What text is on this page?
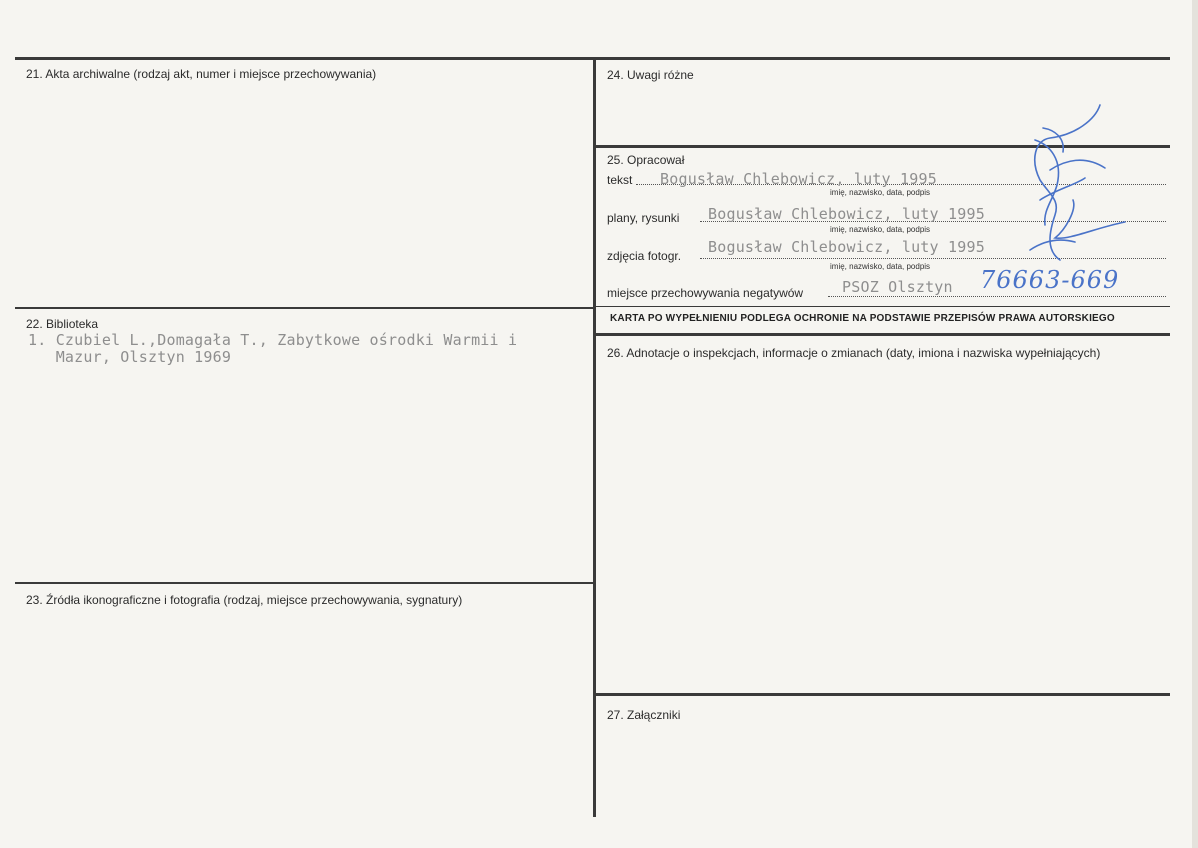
21. Akta archiwalne (rodzaj akt, numer i miejsce przechowywania)
22. Biblioteka
1. Czubiel L.,Domagała T., Zabytkowe ośrodki Warmii i
Mazur, Olsztyn 1969
23. Źródła ikonograficzne i fotografia (rodzaj, miejsce przechowywania, sygnatury)
24. Uwagi różne
25. Opracował
tekst Bogusław Chlebowicz, luty 1995
imię, nazwisko, data, podpis
plany, rysunki Bogusław Chlebowicz, luty 1995
imię, nazwisko, data, podpis
zdjęcia fotogr. Bogusław Chlebowicz, luty 1995
imię, nazwisko, data, podpis
miejsce przechowywania negatywów	PSOZ Olsztyn 76663-669
KARTA PO WYPEŁNIENIU PODLEGA OCHRONIE NA PODSTAWIE PRZEPISÓW PRAWA AUTORSKIEGO
26. Adnotacje o inspekcjach, informacje o zmianach (daty, imiona i nazwiska wypełniających)
27. Załączniki
